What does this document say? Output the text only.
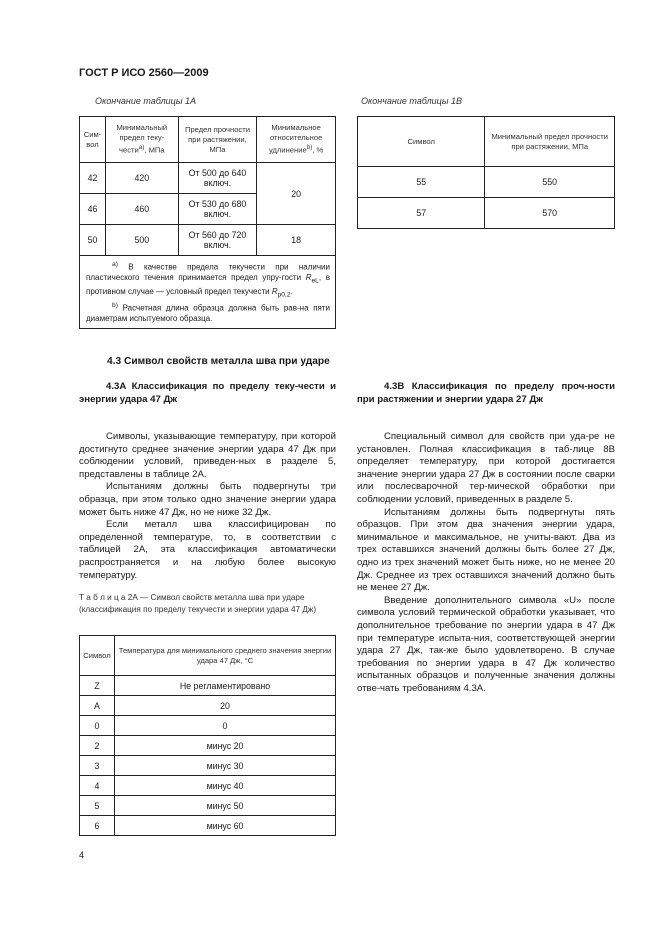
ГОСТ Р ИСО 2560—2009
Окончание таблицы 1А	Окончание таблицы 1В
Сим-вол	Минимальный предел теку-чести$^{a)}$, МПа	Предел прочности при растяжении, МПа	Минимальное относительное удлинение$^{b)}$, %
42	420	От 500 до 640 включ.	20
46	460	От 530 до 680 включ.	
50	500	От 560 до 720 включ.	18

$^{a)}$ В качестве предела текучести при наличии пластического течения принимается предел упру-гости $R_{eL}$, в противном случае — условный предел текучести $R_{p0,2}$.
$^{b)}$ Расчетная длина образца должна быть рав-на пяти диаметрам испытуемого образца.			
Символ	Минимальный предел прочности при растяжении, МПа
55	550
57	570
4.3 Символ свойств металла шва при ударе
4.3А Классификация по пределу теку-чести и энергии удара 47 Дж

Символы, указывающие температуру, при которой достигнуто среднее значение энергии удара 47 Дж при соблюдении условий, приведен-ных в разделе 5, представлены в таблице 2А.

Испытаниям должны быть подвергнуты три образца, при этом только одно значение энергии удара может быть ниже 47 Дж, но не ниже 32 Дж.

Если металл шва классифицирован по определенной температуре, то, в соответствии с таблицей 2А, эта классификация автоматически распространяется и на любую более высокую температуру.

4.3В Классификация по пределу проч-ности при растяжении и энергии удара 27 Дж

Специальный символ для свойств при уда-ре не установлен. Полная классификация в таб-лице 8В определяет температуру, при которой достигается значение энергии удара 27 Дж в состоянии после сварки или послесварочной тер-мической обработки при соблюдении условий, приведенных в разделе 5.

Испытаниям должны быть подвергнуты пять образцов. При этом два значения энергии удара, минимальное и максимальное, не учиты-вают. Два из трех оставшихся значений должны быть более 27 Дж, одно из трех значений может быть ниже, но не менее 20 Дж. Среднее из трех оставшихся значений должно быть не менее 27 Дж.

Введение дополнительного символа «U» после символа условий термической обработки указывает, что дополнительное требование по энергии удара в 47 Дж при температуре испыта-ния, соответствующей энергии удара 27 Дж, так-же было удовлетворено. В случае требования по энергии удара в 47 Дж количество испытанных образцов и полученные значения должны отве-чать требованиям 4.3А.

Т а б л и ц а 2А — Символ свойств металла шва при ударе (классификация по пределу текучести и энергии удара 47 Дж)
Символ	Температура для минимального среднего значения энергии удара 47 Дж, °С
Z	Не регламентировано
A	20
0	0
2	минус 20
3	минус 30
4	минус 40
5	минус 50
6	минус 60
4
